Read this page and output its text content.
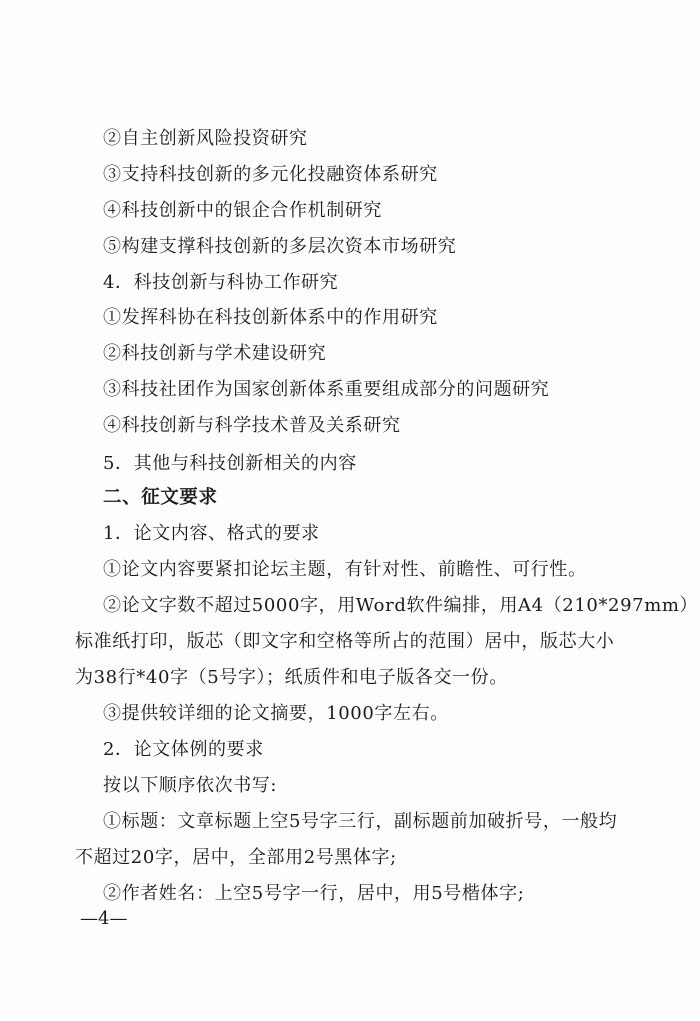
②自主创新风险投资研究
③支持科技创新的多元化投融资体系研究
④科技创新中的银企合作机制研究
⑤构建支撑科技创新的多层次资本市场研究
4．科技创新与科协工作研究
①发挥科协在科技创新体系中的作用研究
②科技创新与学术建设研究
③科技社团作为国家创新体系重要组成部分的问题研究
④科技创新与科学技术普及关系研究
5．其他与科技创新相关的内容
二、征文要求
1．论文内容、格式的要求
①论文内容要紧扣论坛主题，有针对性、前瞻性、可行性。
②论文字数不超过5000字，用Word软件编排，用A4（210*297mm）
标准纸打印，版芯（即文字和空格等所占的范围）居中，版芯大小
为38行*40字（5号字）；纸质件和电子版各交一份。
③提供较详细的论文摘要，1000字左右。
2．论文体例的要求
按以下顺序依次书写:
①标题：文章标题上空5号字三行，副标题前加破折号，一般均
不超过20字，居中，全部用2号黑体字;
②作者姓名：上空5号字一行，居中，用5号楷体字;
—4—
